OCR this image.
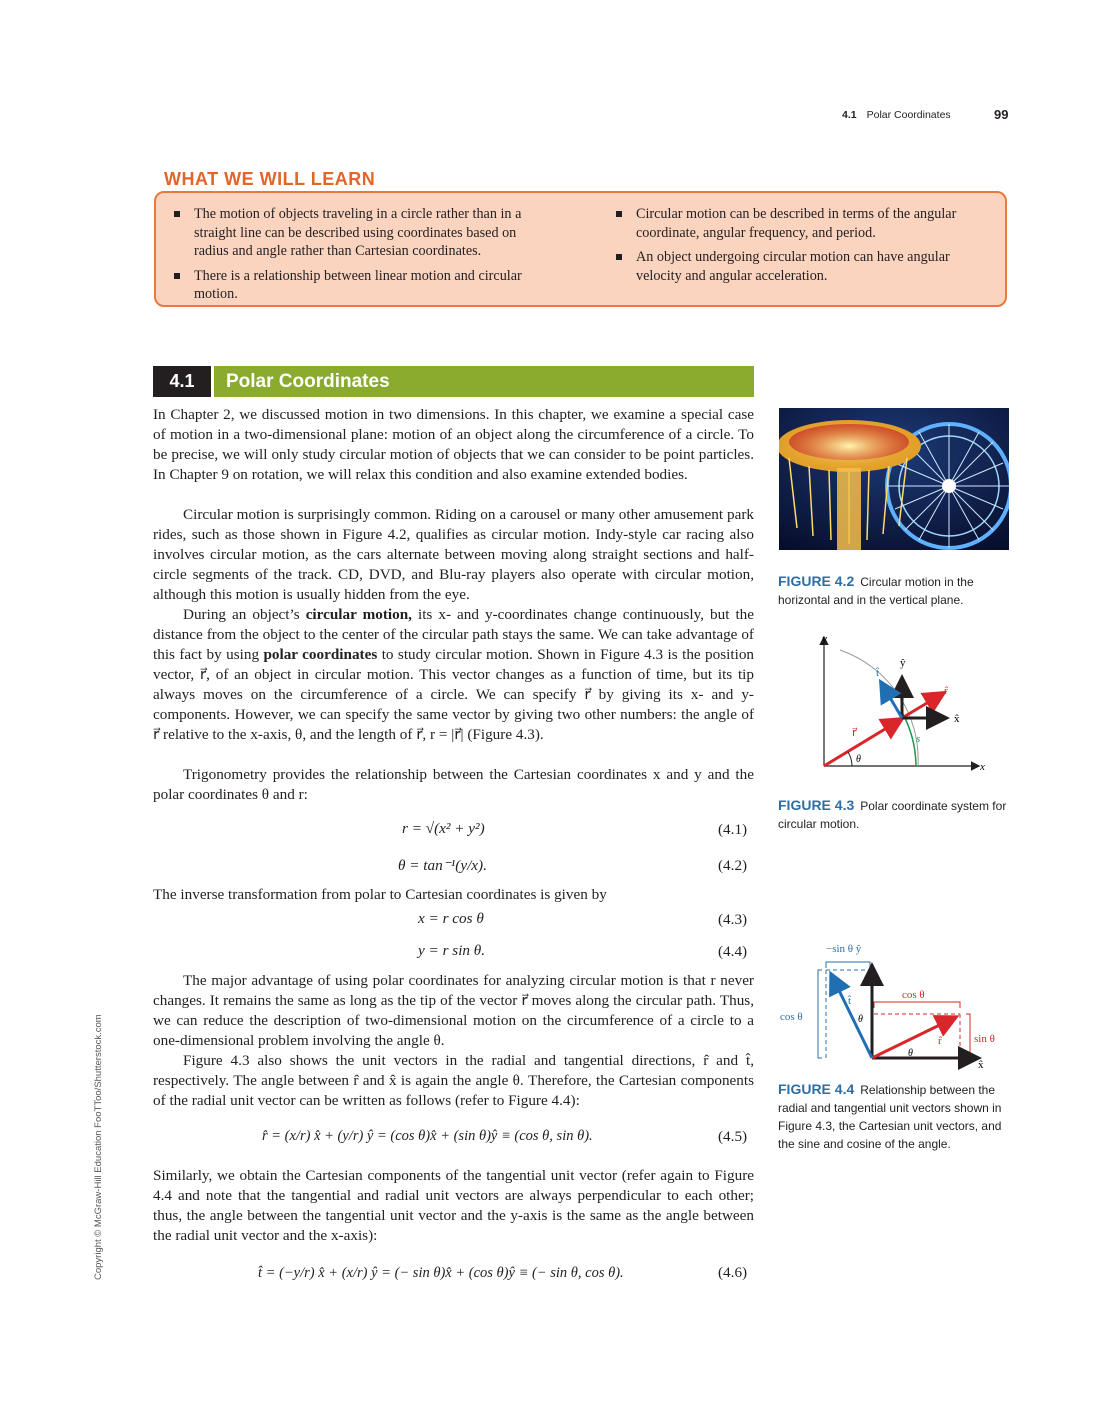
4.1 Polar Coordinates	99
WHAT WE WILL LEARN
The motion of objects traveling in a circle rather than in a straight line can be described using coordinates based on radius and angle rather than Cartesian coordinates.
There is a relationship between linear motion and circular motion.
Circular motion can be described in terms of the angular coordinate, angular frequency, and period.
An object undergoing circular motion can have angular velocity and angular acceleration.
4.1	Polar Coordinates
In Chapter 2, we discussed motion in two dimensions. In this chapter, we examine a special case of motion in a two-dimensional plane: motion of an object along the circumference of a circle. To be precise, we will only study circular motion of objects that we can consider to be point particles. In Chapter 9 on rotation, we will relax this condition and also examine extended bodies.
Circular motion is surprisingly common. Riding on a carousel or many other amusement park rides, such as those shown in Figure 4.2, qualifies as circular motion. Indy-style car racing also involves circular motion, as the cars alternate between moving along straight sections and half-circle segments of the track. CD, DVD, and Blu-ray players also operate with circular motion, although this motion is usually hidden from the eye.
During an object’s circular motion, its x- and y-coordinates change continuously, but the distance from the object to the center of the circular path stays the same. We can take advantage of this fact by using polar coordinates to study circular motion. Shown in Figure 4.3 is the position vector, r⃗, of an object in circular motion. This vector changes as a function of time, but its tip always moves on the circumference of a circle. We can specify r⃗ by giving its x- and y-components. However, we can specify the same vector by giving two other numbers: the angle of r⃗ relative to the x-axis, θ, and the length of r⃗, r = |r⃗| (Figure 4.3).
Trigonometry provides the relationship between the Cartesian coordinates x and y and the polar coordinates θ and r:
r = √(x² + y²)	(4.1)
θ = tan⁻¹(y/x).	(4.2)
The inverse transformation from polar to Cartesian coordinates is given by
x = r cos θ	(4.3)
y = r sin θ.	(4.4)
The major advantage of using polar coordinates for analyzing circular motion is that r never changes. It remains the same as long as the tip of the vector r⃗ moves along the circular path. Thus, we can reduce the description of two-dimensional motion on the circumference of a circle to a one-dimensional problem involving the angle θ.
Figure 4.3 also shows the unit vectors in the radial and tangential directions, r̂ and t̂, respectively. The angle between r̂ and x̂ is again the angle θ. Therefore, the Cartesian components of the radial unit vector can be written as follows (refer to Figure 4.4):
r̂ = (x/r) x̂ + (y/r) ŷ = (cos θ)x̂ + (sin θ)ŷ ≡ (cos θ, sin θ).	(4.5)
Similarly, we obtain the Cartesian components of the tangential unit vector (refer again to Figure 4.4 and note that the tangential and radial unit vectors are always perpendicular to each other; thus, the angle between the tangential unit vector and the y-axis is the same as the angle between the radial unit vector and the x-axis):
t̂ = (−y/r) x̂ + (x/r) ŷ = (− sin θ)x̂ + (cos θ)ŷ ≡ (− sin θ, cos θ).	(4.6)
FIGURE 4.2 Circular motion in the horizontal and in the vertical plane.
y
x
t̂
ŷ
r̂
x̂
r⃗	s
θ
FIGURE 4.3 Polar coordinate system for circular motion.
−sin θ ŷ
cos θ
cos θ
sin θ
t̂
r̂
x̂
θ
θ
FIGURE 4.4 Relationship between the radial and tangential unit vectors shown in Figure 4.3, the Cartesian unit vectors, and the sine and cosine of the angle.
Copyright © McGraw-Hill Education FooTToo/Shutterstock.com
